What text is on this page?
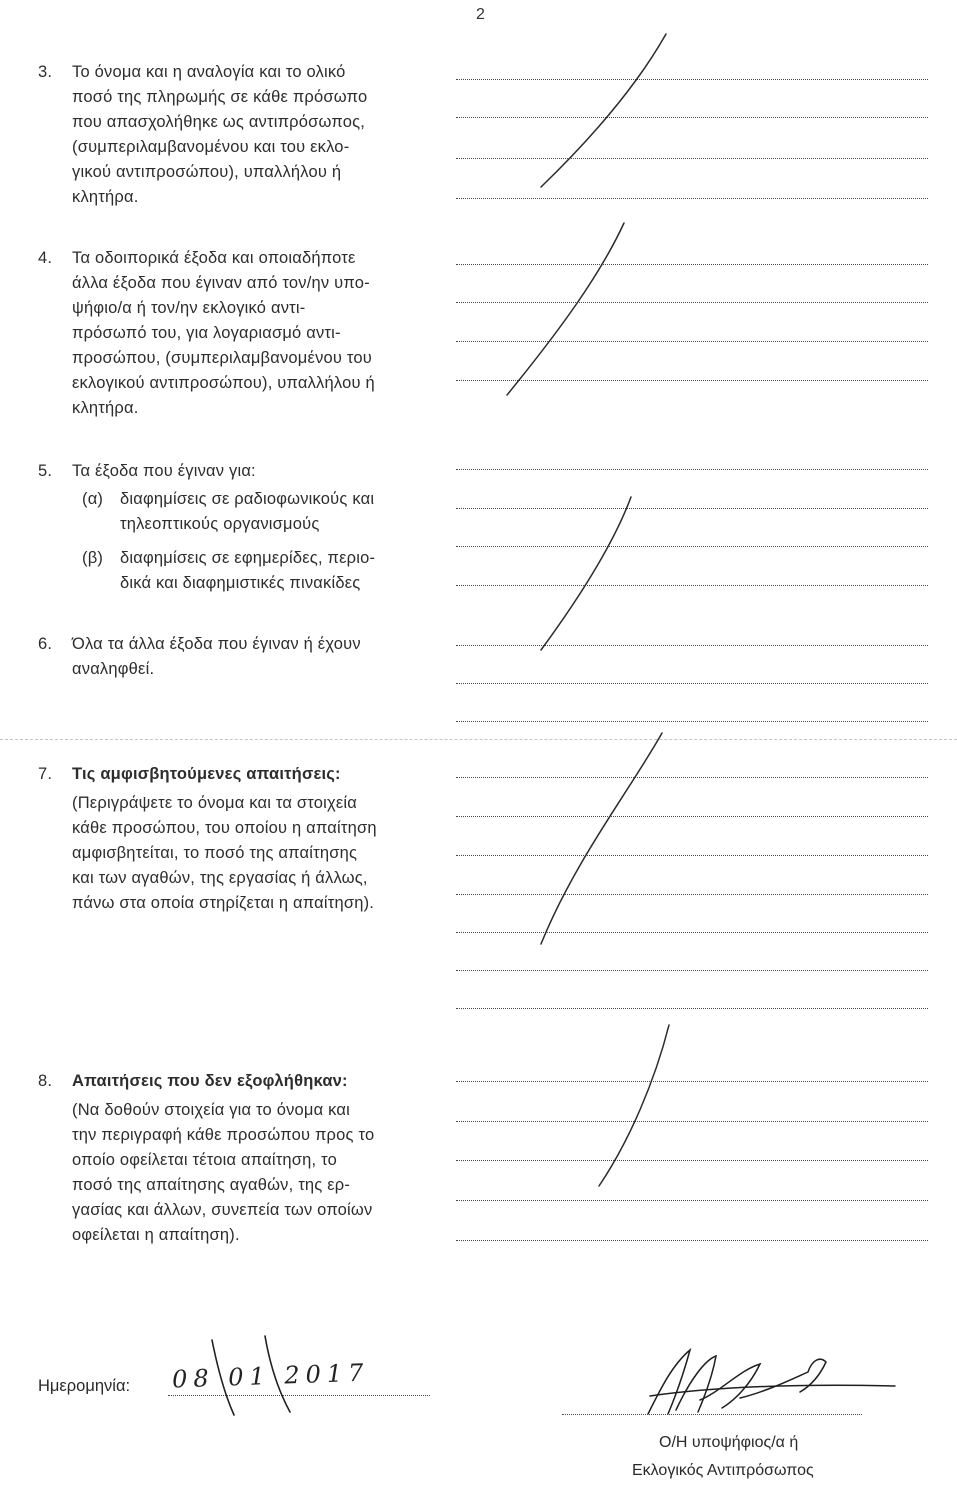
2
3. Το όνομα και η αναλογία και το ολικό

ποσό της πληρωμής σε κάθε πρόσωπο

που απασχολήθηκε ως αντιπρόσωπος,

(συμπεριλαμβανομένου και του εκλο-

γικού αντιπροσώπου), υπαλλήλου ή

κλητήρα.

4. Τα οδοιπορικά έξοδα και οποιαδήποτε

άλλα έξοδα που έγιναν από τον/ην υπο-

ψήφιο/α ή τον/ην εκλογικό αντι-

πρόσωπό του, για λογαριασμό αντι-

προσώπου, (συμπεριλαμβανομένου του

εκλογικού αντιπροσώπου), υπαλλήλου ή

κλητήρα.

5. Τα έξοδα που έγιναν για:

(α) διαφημίσεις σε ραδιοφωνικούς και

τηλεοπτικούς οργανισμούς

(β) διαφημίσεις σε εφημερίδες, περιο-

δικά και διαφημιστικές πινακίδες

6. Όλα τα άλλα έξοδα που έγιναν ή έχουν

αναληφθεί.

7. Τις αμφισβητούμενες απαιτήσεις:

(Περιγράψετε το όνομα και τα στοιχεία

κάθε προσώπου, του οποίου η απαίτηση

αμφισβητείται, το ποσό της απαίτησης

και των αγαθών, της εργασίας ή άλλως,

πάνω στα οποία στηρίζεται η απαίτηση).

8. Απαιτήσεις που δεν εξοφλήθηκαν:

(Να δοθούν στοιχεία για το όνομα και

την περιγραφή κάθε προσώπου προς το

οποίο οφείλεται τέτοια απαίτηση, το

ποσό της απαίτησης αγαθών, της ερ-

γασίας και άλλων, συνεπεία των οποίων

οφείλεται η απαίτηση).

Ημερομηνία: 08 01 2017
Ο/Η υποψήφιος/α ή
Εκλογικός Αντιπρόσωπος
